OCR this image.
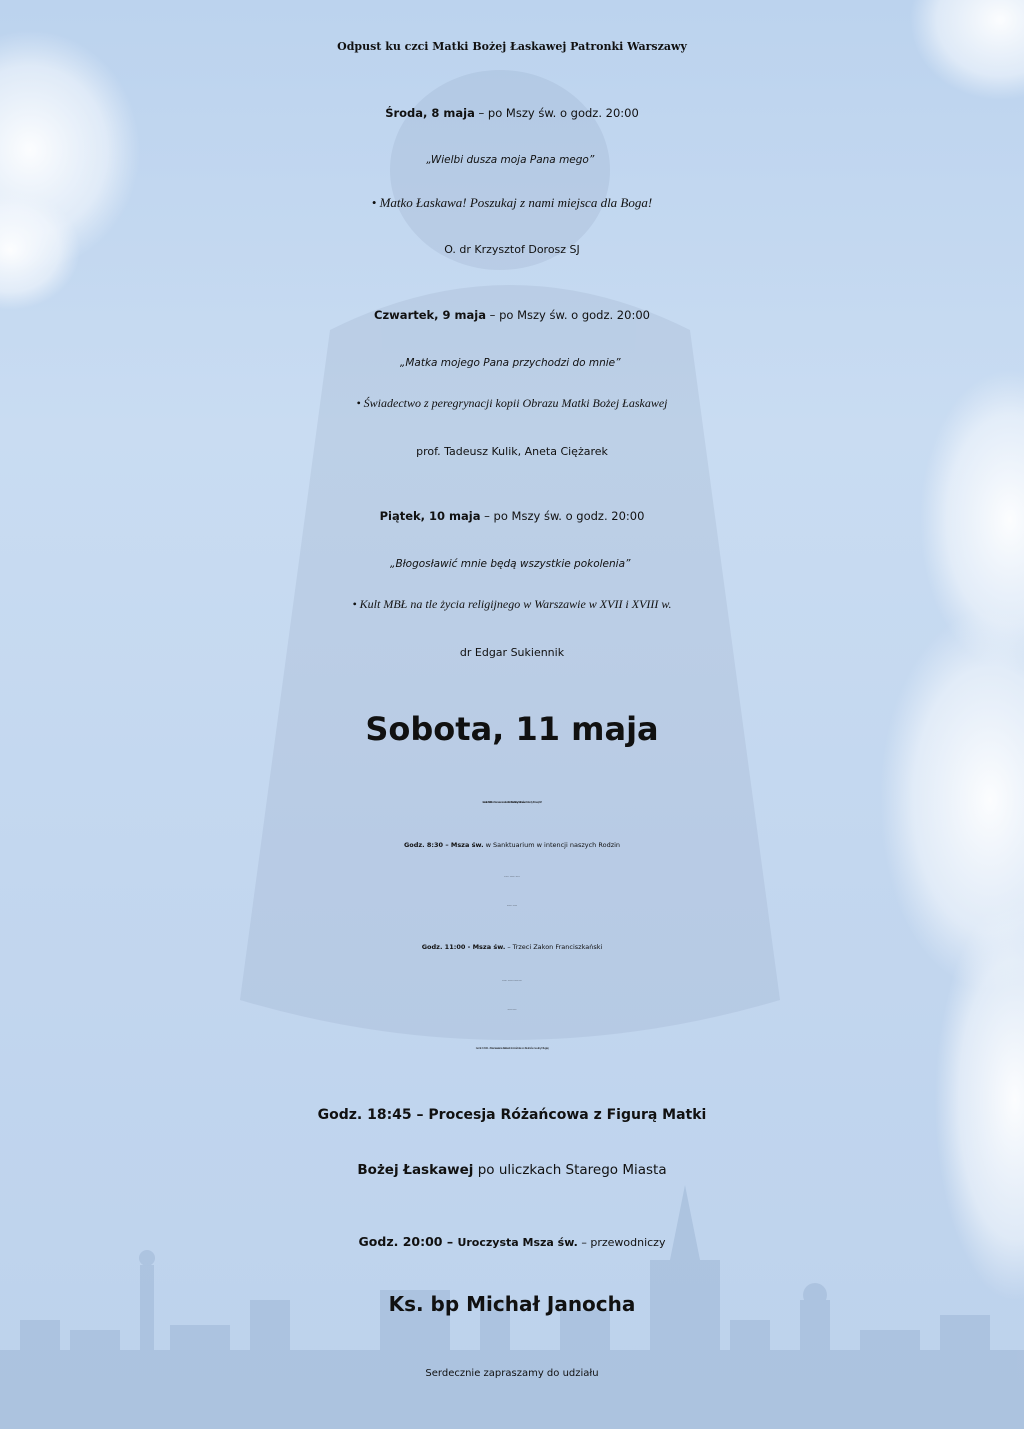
Odpust ku czci Matki Bożej Łaskawej Patronki Warszawy
Środa, 8 maja – po Mszy św. o godz. 20:00
„Wielbi dusza moja Pana mego”
• Matko Łaskawa! Poszukaj z nami miejsca dla Boga!
O. dr Krzysztof Dorosz SJ
Czwartek, 9 maja – po Mszy św. o godz. 20:00
„Matka mojego Pana przychodzi do mnie”
• Świadectwo z peregrynacji kopii Obrazu Matki Bożej Łaskawej
prof. Tadeusz Kulik, Aneta Ciężarek
Piątek, 10 maja – po Mszy św. o godz. 20:00
„Błogosławić mnie będą wszystkie pokolenia”
• Kult MBŁ na tle życia religijnego w Warszawie w XVII i XVIII w.
dr Edgar Sukiennik
Sobota, 11 maja
Godz. 8:00 – Przeniesienie relikwii bł. Rodziny Ulmów z Katedry Polowej WP
Godz. 8:30 – Msza św. w Sanktuarium w intencji naszych Rodzin
czuwanie – modlitwa – różaniec
spowiedź – adoracja
Godz. 11:00 - Msza św. – Trzeci Zakon Franciszkański
modlitwa – zawierzenie naszych Rodzin
uczczenie Relikwii
Godz. 13:00 – Przeniesienie Relikwii do kościoła oo. Paulinów na ulicy Długiej
Godz. 18:45 – Procesja Różańcowa z Figurą Matki
Bożej Łaskawej po uliczkach Starego Miasta
Godz. 20:00 – Uroczysta Msza św. – przewodniczy
Ks. bp Michał Janocha
Serdecznie zapraszamy do udziału
